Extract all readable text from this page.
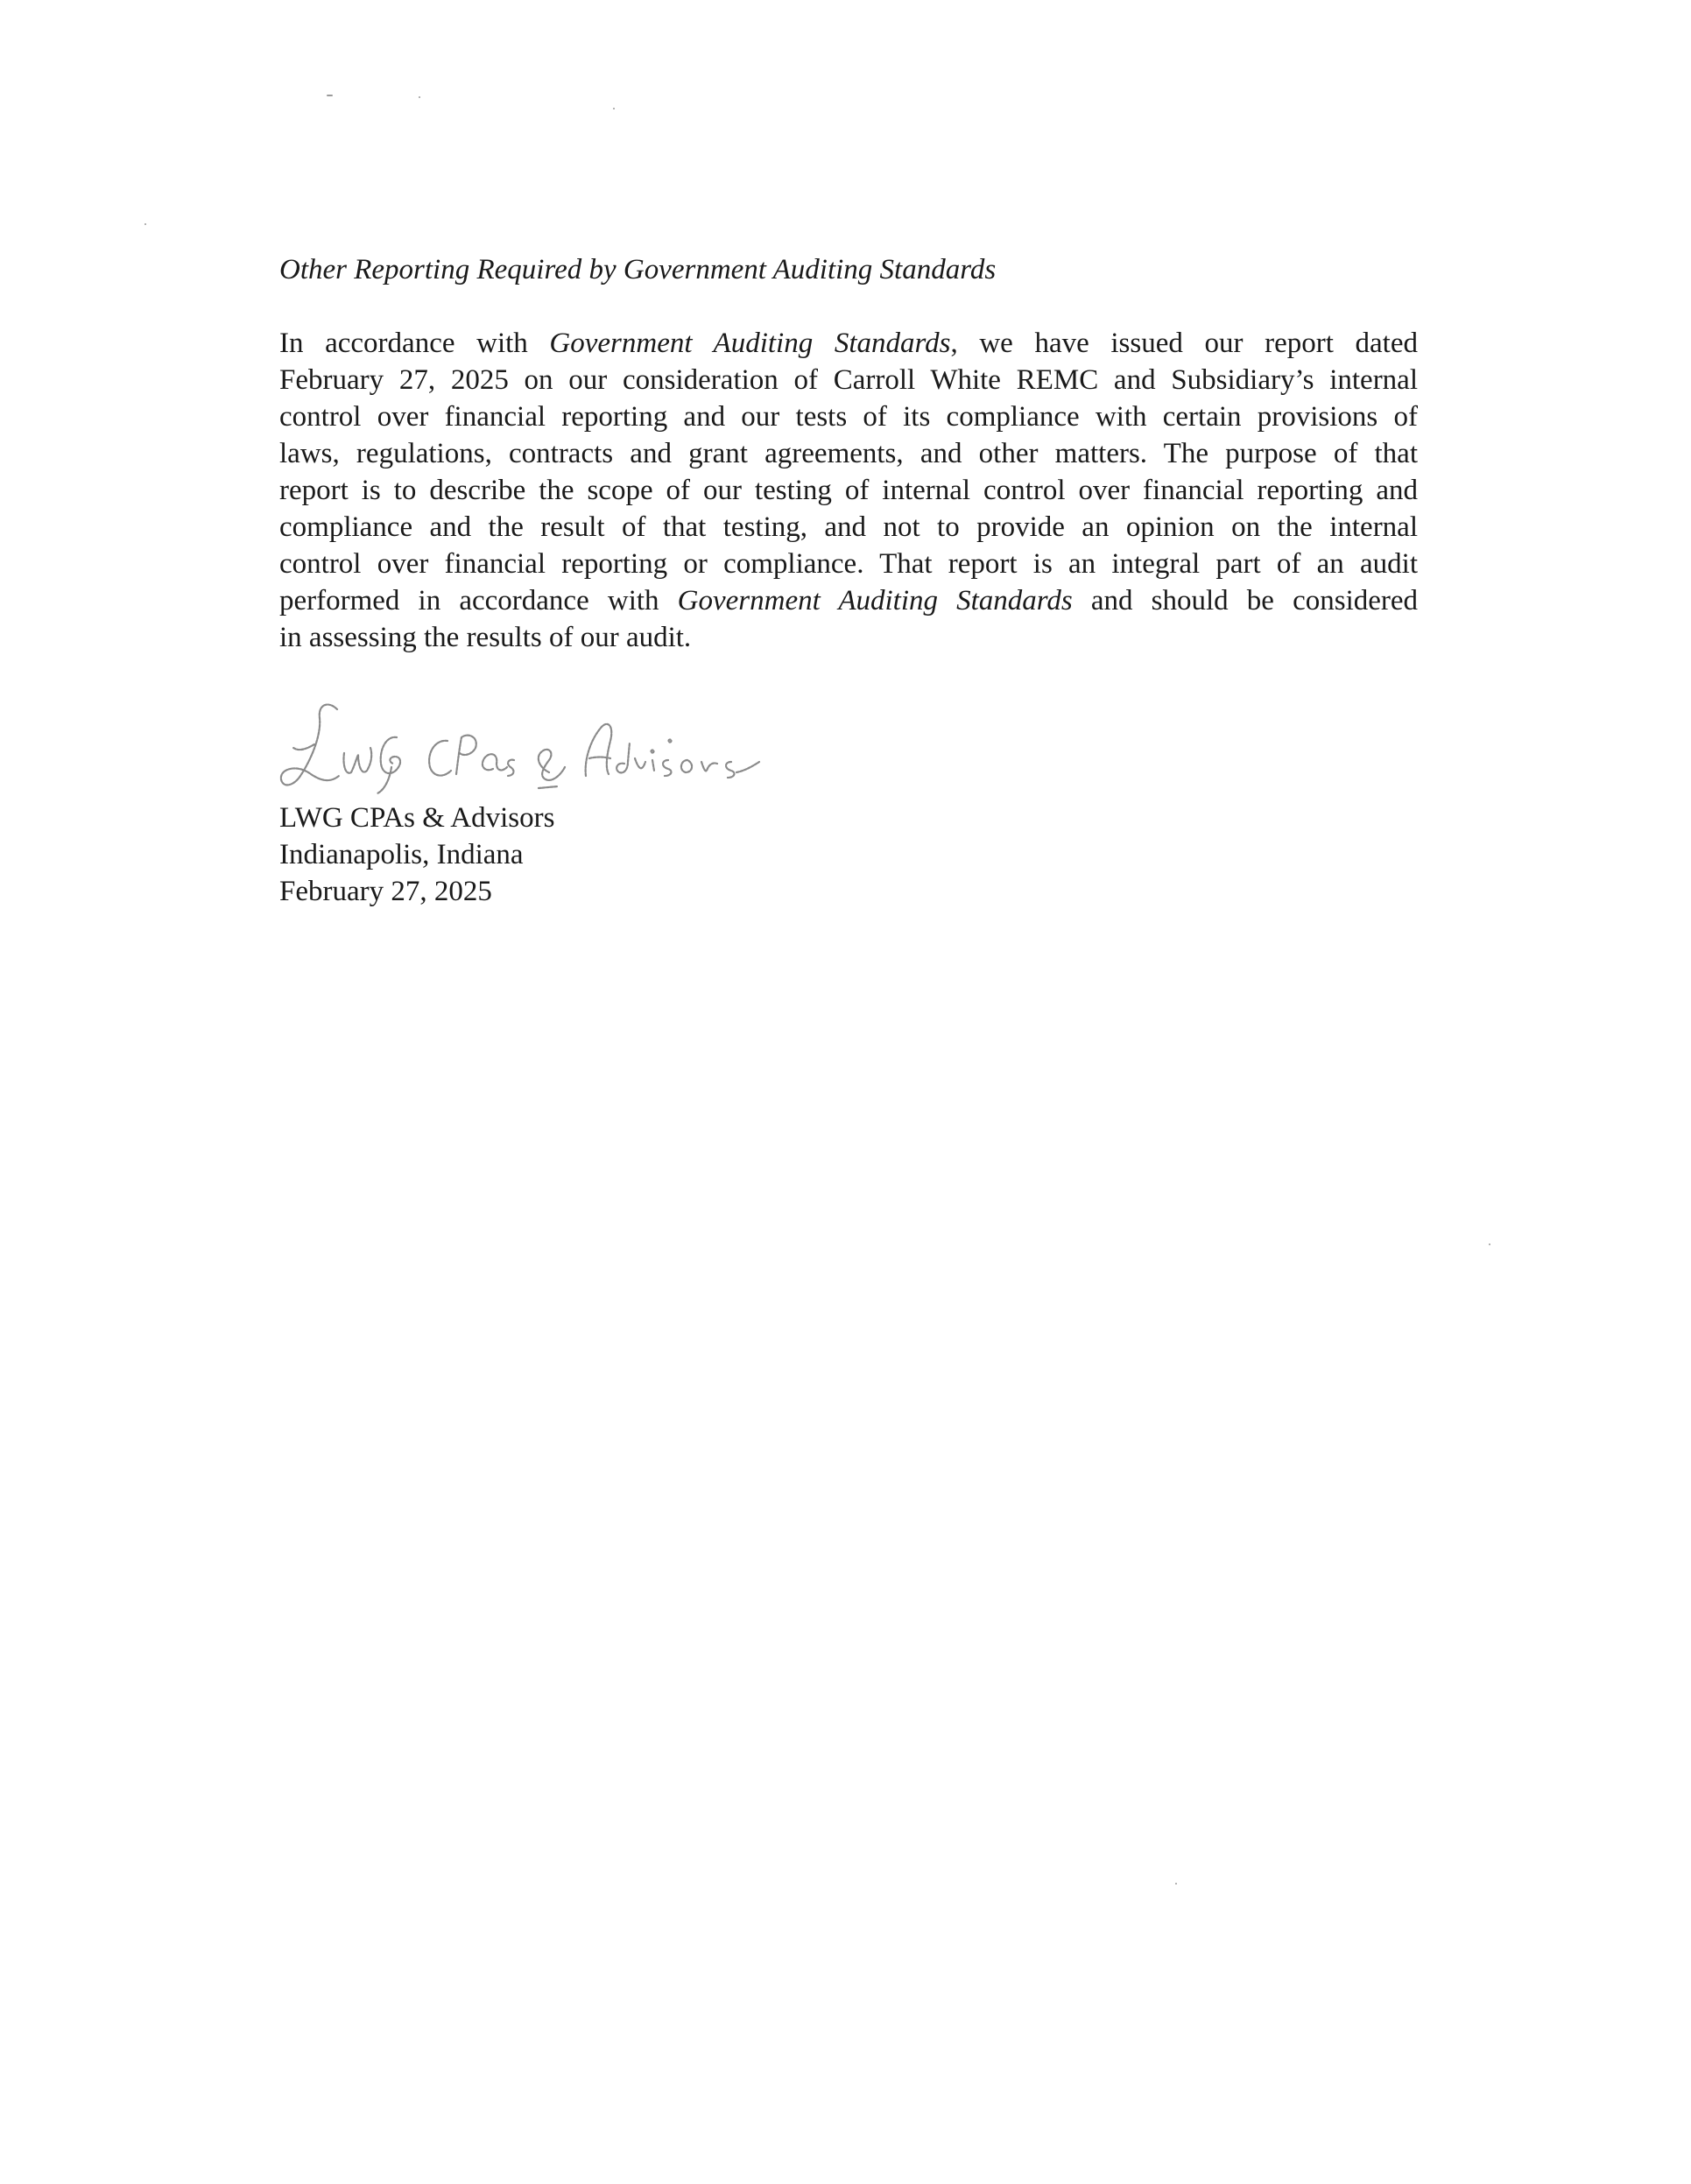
Other Reporting Required by Government Auditing Standards
In accordance with Government Auditing Standards, we have issued our report dated
February 27, 2025 on our consideration of Carroll White REMC and Subsidiary’s internal
control over financial reporting and our tests of its compliance with certain provisions of
laws, regulations, contracts and grant agreements, and other matters. The purpose of that
report is to describe the scope of our testing of internal control over financial reporting and
compliance and the result of that testing, and not to provide an opinion on the internal
control over financial reporting or compliance. That report is an integral part of an audit
performed in accordance with Government Auditing Standards and should be considered
in assessing the results of our audit.
LWG CPAs & Advisors
Indianapolis, Indiana
February 27, 2025
